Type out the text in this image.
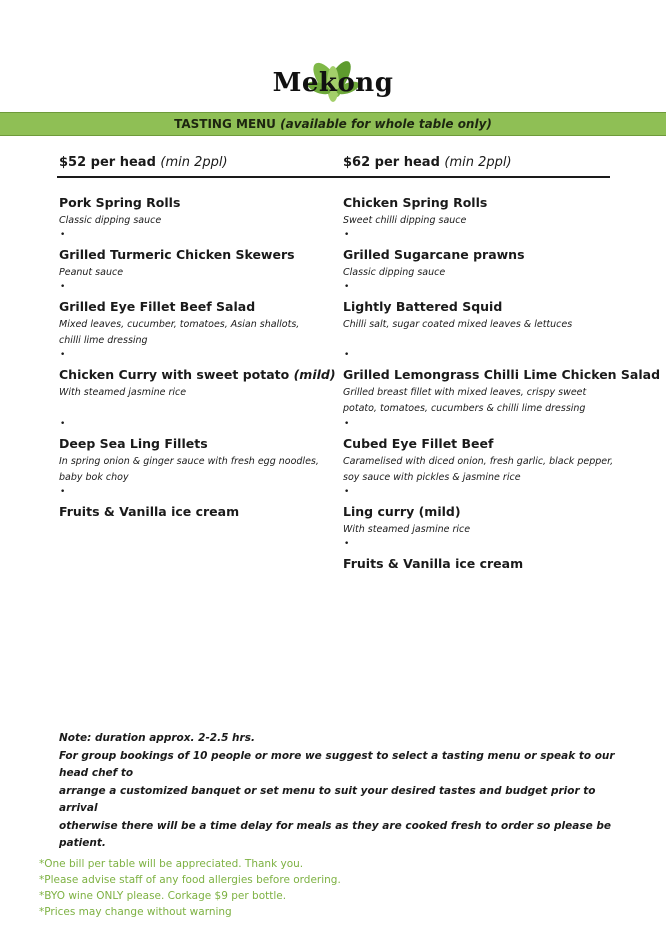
Mekong
TASTING MENU (available for whole table only)
$52 per head (min 2ppl)	$62 per head (min 2ppl)
Pork Spring Rolls
Classic dipping sauce
•
Grilled Turmeric Chicken Skewers
Peanut sauce
•
Grilled Eye Fillet Beef Salad
Mixed leaves, cucumber, tomatoes, Asian shallots,
chilli lime dressing
•
Chicken Curry with sweet potato (mild)
With steamed jasmine rice
•
Deep Sea Ling Fillets
In spring onion & ginger sauce with fresh egg noodles,
baby bok choy
•
Fruits & Vanilla ice cream
Chicken Spring Rolls
Sweet chilli dipping sauce
•
Grilled Sugarcane prawns
Classic dipping sauce
•
Lightly Battered Squid
Chilli salt, sugar coated mixed leaves & lettuces
•
Grilled Lemongrass Chilli Lime Chicken Salad
Grilled breast fillet with mixed leaves, crispy sweet
potato, tomatoes, cucumbers & chilli lime dressing
•
Cubed Eye Fillet Beef
Caramelised with diced onion, fresh garlic, black pepper,
soy sauce with pickles & jasmine rice
•
Ling curry (mild)
With steamed jasmine rice
•
Fruits & Vanilla ice cream
Note: duration approx. 2-2.5 hrs.
For group bookings of 10 people or more we suggest to select a tasting menu or speak to our head chef to
arrange a customized banquet or set menu to suit your desired tastes and budget prior to arrival
otherwise there will be a time delay for meals as they are cooked fresh to order so please be patient.
*One bill per table will be appreciated. Thank you.
*Please advise staff of any food allergies before ordering.
*BYO wine ONLY please. Corkage $9 per bottle.
*Prices may change without warning
